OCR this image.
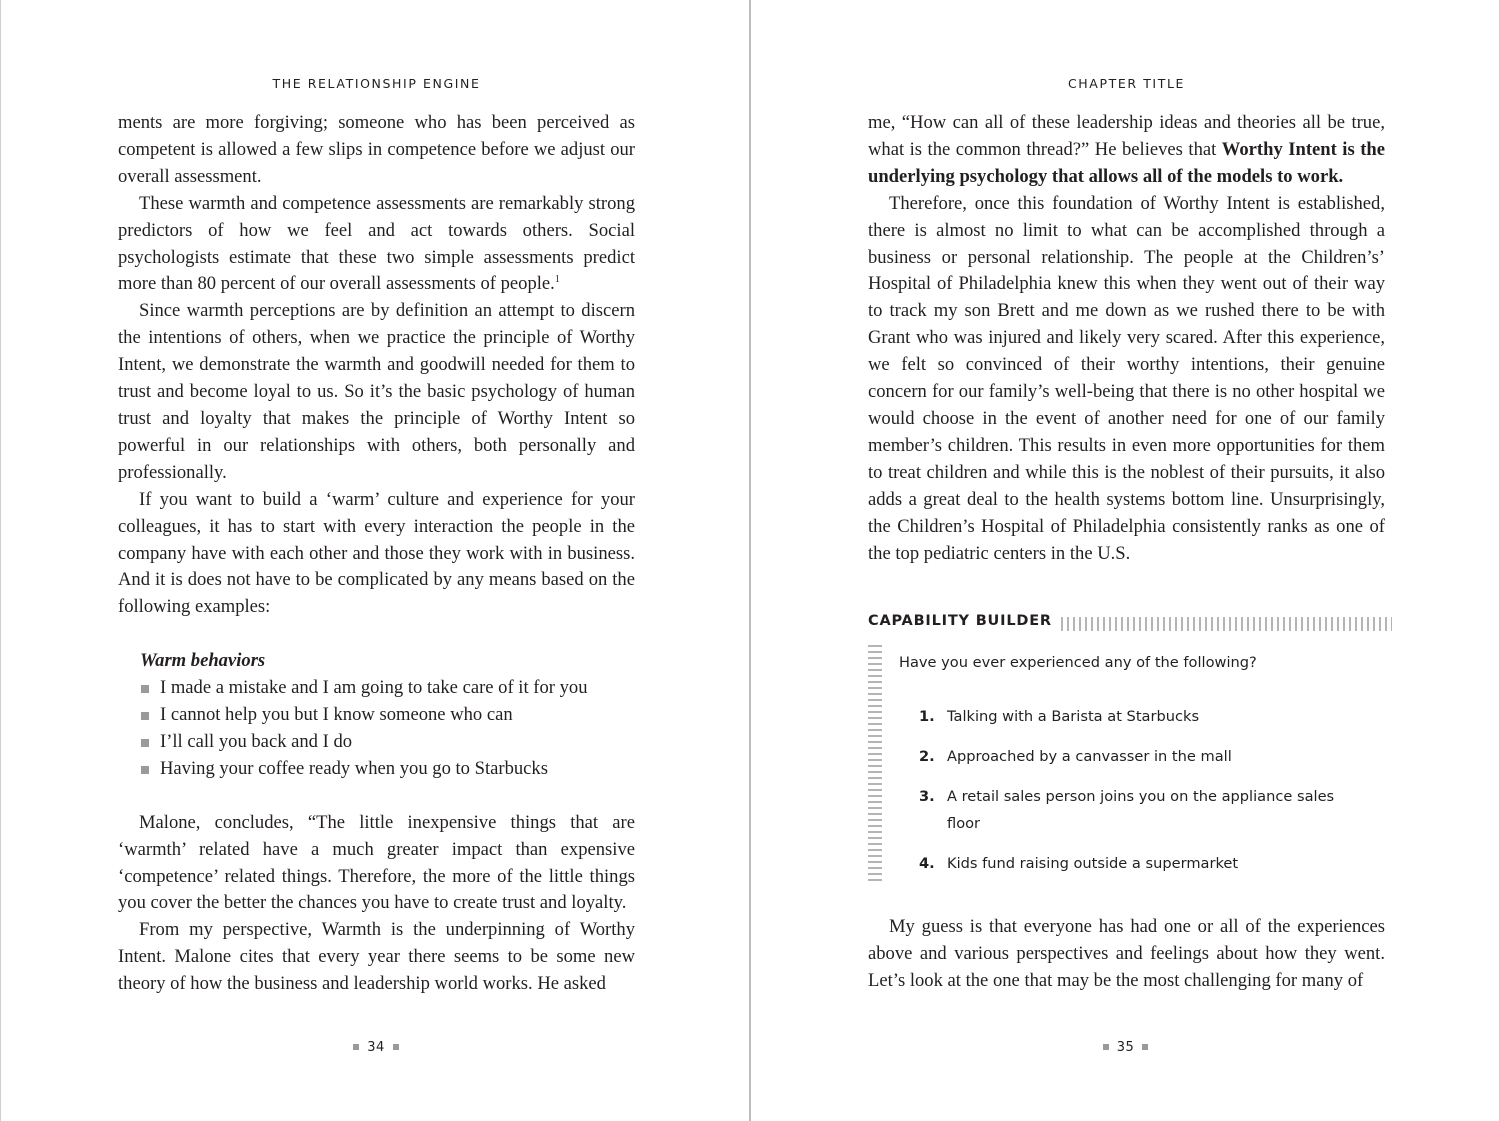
THE RELATIONSHIP ENGINE

ments are more forgiving; someone who has been perceived as competent is allowed a few slips in competence before we adjust our overall assessment.

These warmth and competence assessments are remarkably strong predictors of how we feel and act towards others. Social psychologists estimate that these two simple assessments predict more than 80 percent of our overall assessments of people.$^1$

Since warmth perceptions are by definition an attempt to discern the intentions of others, when we practice the principle of Worthy Intent, we demonstrate the warmth and goodwill needed for them to trust and become loyal to us. So it’s the basic psychology of human trust and loyalty that makes the principle of Worthy Intent so powerful in our relationships with others, both personally and professionally.

If you want to build a ‘warm’ culture and experience for your colleagues, it has to start with every interaction the people in the company have with each other and those they work with in business. And it is does not have to be complicated by any means based on the following examples:

Warm behaviors

I made a mistake and I am going to take care of it for you
I cannot help you but I know someone who can
I’ll call you back and I do
Having your coffee ready when you go to Starbucks

Malone, concludes, “The little inexpensive things that are ‘warmth’ related have a much greater impact than expensive ‘competence’ related things. Therefore, the more of the little things you cover the better the chances you have to create trust and loyalty.

From my perspective, Warmth is the underpinning of Worthy Intent. Malone cites that every year there seems to be some new theory of how the business and leadership world works. He asked

34
CHAPTER TITLE

me, “How can all of these leadership ideas and theories all be true, what is the common thread?” He believes that Worthy Intent is the underlying psychology that allows all of the models to work.

Therefore, once this foundation of Worthy Intent is established, there is almost no limit to what can be accomplished through a business or personal relationship. The people at the Children’s’ Hospital of Philadelphia knew this when they went out of their way to track my son Brett and me down as we rushed there to be with Grant who was injured and likely very scared. After this experience, we felt so convinced of their worthy intentions, their genuine concern for our family’s well-being that there is no other hospital we would choose in the event of another need for one of our family member’s children. This results in even more opportunities for them to treat children and while this is the noblest of their pursuits, it also adds a great deal to the health systems bottom line. Unsurprisingly, the Children’s Hospital of Philadelphia consistently ranks as one of the top pediatric centers in the U.S.

CAPABILITY BUILDER
Have you ever experienced any of the following?
1. Talking with a Barista at Starbucks
2. Approached by a canvasser in the mall
3. A retail sales person joins you on the appliance sales floor
4. Kids fund raising outside a supermarket

My guess is that everyone has had one or all of the experiences above and various perspectives and feelings about how they went. Let’s look at the one that may be the most challenging for many of

35
